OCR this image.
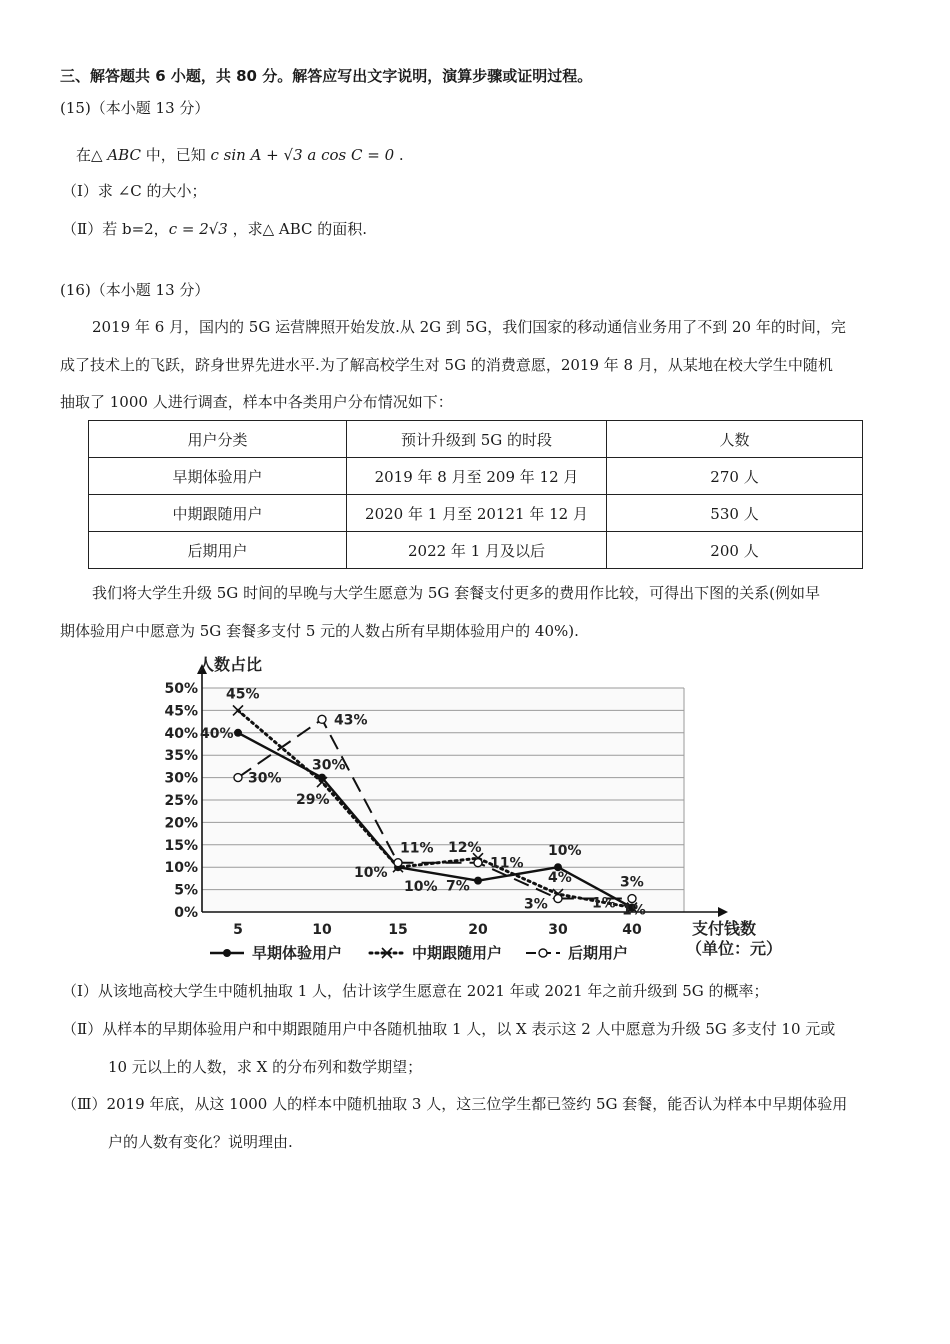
三、解答题共 6 小题，共 80 分。解答应写出文字说明，演算步骤或证明过程。
(15)（本小题 13 分）
在△ ABC 中，已知 c sin A + √3 a cos C = 0 .
（Ⅰ）求 ∠C 的大小；
（Ⅱ）若 b=2，c = 2√3 ，求△ ABC 的面积.
(16)（本小题 13 分）
2019 年 6 月，国内的 5G 运营牌照开始发放.从 2G 到 5G，我们国家的移动通信业务用了不到 20 年的时间，完
成了技术上的飞跃，跻身世界先进水平.为了解高校学生对 5G 的消费意愿，2019 年 8 月，从某地在校大学生中随机
抽取了 1000 人进行调查，样本中各类用户分布情况如下：
用户分类	预计升级到 5G 的时段	人数
早期体验用户	2019 年 8 月至 209 年 12 月	270 人
中期跟随用户	2020 年 1 月至 20121 年 12 月	530 人
后期用户	2022 年 1 月及以后	200 人
我们将大学生升级 5G 时间的早晚与大学生愿意为 5G 套餐支付更多的费用作比较，可得出下图的关系(例如早
期体验用户中愿意为 5G 套餐多支付 5 元的人数占所有早期体验用户的 40%).
0%
5%
10%
15%
20%
25%
30%
35%
40%
45%
50%
人数占比
支付钱数
（单位：元）
5	10	15	20	30	40
40%
30%
10% 7%
10%
1%
45%
29%
10%
12%
4%
1%
30%
43%
11%
11%
3%
3%
早期体验用户	中期跟随用户	后期用户
（Ⅰ）从该地高校大学生中随机抽取 1 人，估计该学生愿意在 2021 年或 2021 年之前升级到 5G 的概率；
（Ⅱ）从样本的早期体验用户和中期跟随用户中各随机抽取 1 人，以 X 表示这 2 人中愿意为升级 5G 多支付 10 元或
10 元以上的人数，求 X 的分布列和数学期望；
（Ⅲ）2019 年底，从这 1000 人的样本中随机抽取 3 人，这三位学生都已签约 5G 套餐，能否认为样本中早期体验用
户的人数有变化？说明理由.
